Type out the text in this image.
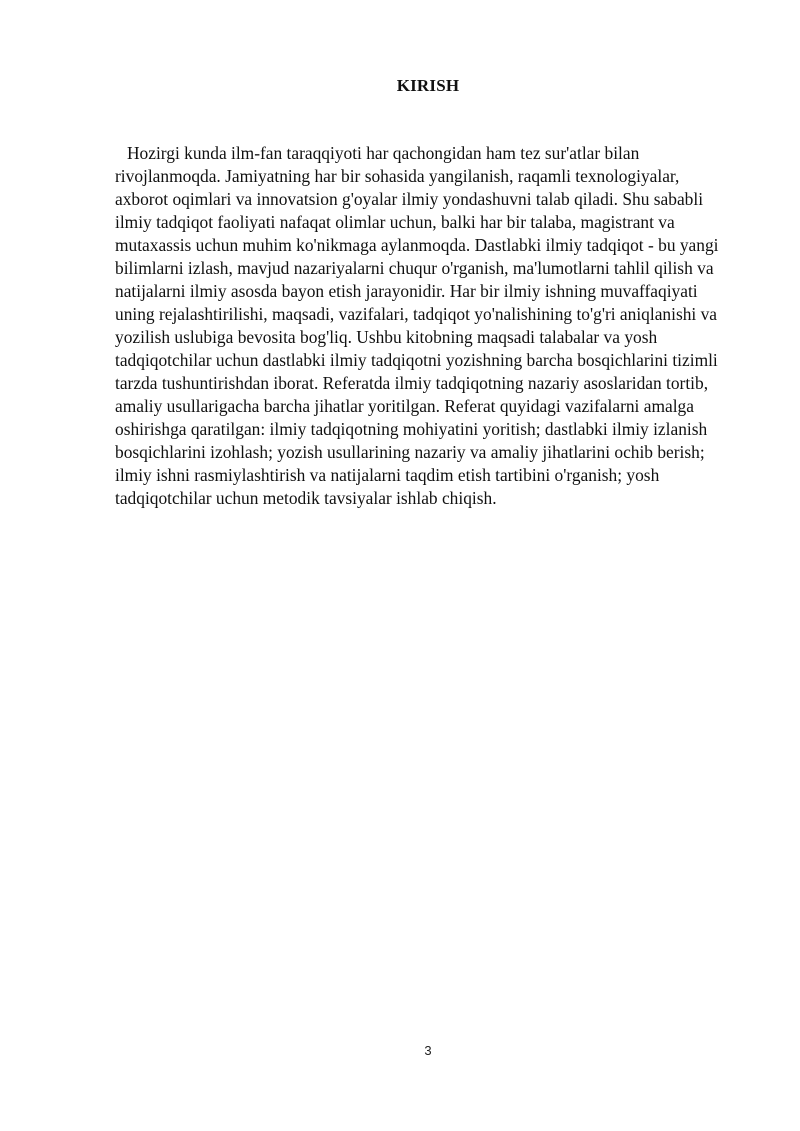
KIRISH

Hozirgi kunda ilm-fan taraqqiyoti har qachongidan ham tez sur'atlar bilan rivojlanmoqda. Jamiyatning har bir sohasida yangilanish, raqamli texnologiyalar, axborot oqimlari va innovatsion g'oyalar ilmiy yondashuvni talab qiladi. Shu sababli ilmiy tadqiqot faoliyati nafaqat olimlar uchun, balki har bir talaba, magistrant va mutaxassis uchun muhim ko'nikmaga aylanmoqda. Dastlabki ilmiy tadqiqot - bu yangi bilimlarni izlash, mavjud nazariyalarni chuqur o'rganish, ma'lumotlarni tahlil qilish va natijalarni ilmiy asosda bayon etish jarayonidir. Har bir ilmiy ishning muvaffaqiyati uning rejalashtirilishi, maqsadi, vazifalari, tadqiqot yo'nalishining to'g'ri aniqlanishi va yozilish uslubiga bevosita bog'liq. Ushbu kitobning maqsadi talabalar va yosh tadqiqotchilar uchun dastlabki ilmiy tadqiqotni yozishning barcha bosqichlarini tizimli tarzda tushuntirishdan iborat. Referatda ilmiy tadqiqotning nazariy asoslaridan tortib, amaliy usullarigacha barcha jihatlar yoritilgan. Referat quyidagi vazifalarni amalga oshirishga qaratilgan: ilmiy tadqiqotning mohiyatini yoritish; dastlabki ilmiy izlanish bosqichlarini izohlash; yozish usullarining nazariy va amaliy jihatlarini ochib berish; ilmiy ishni rasmiylashtirish va natijalarni taqdim etish tartibini o'rganish; yosh tadqiqotchilar uchun metodik tavsiyalar ishlab chiqish.

3
